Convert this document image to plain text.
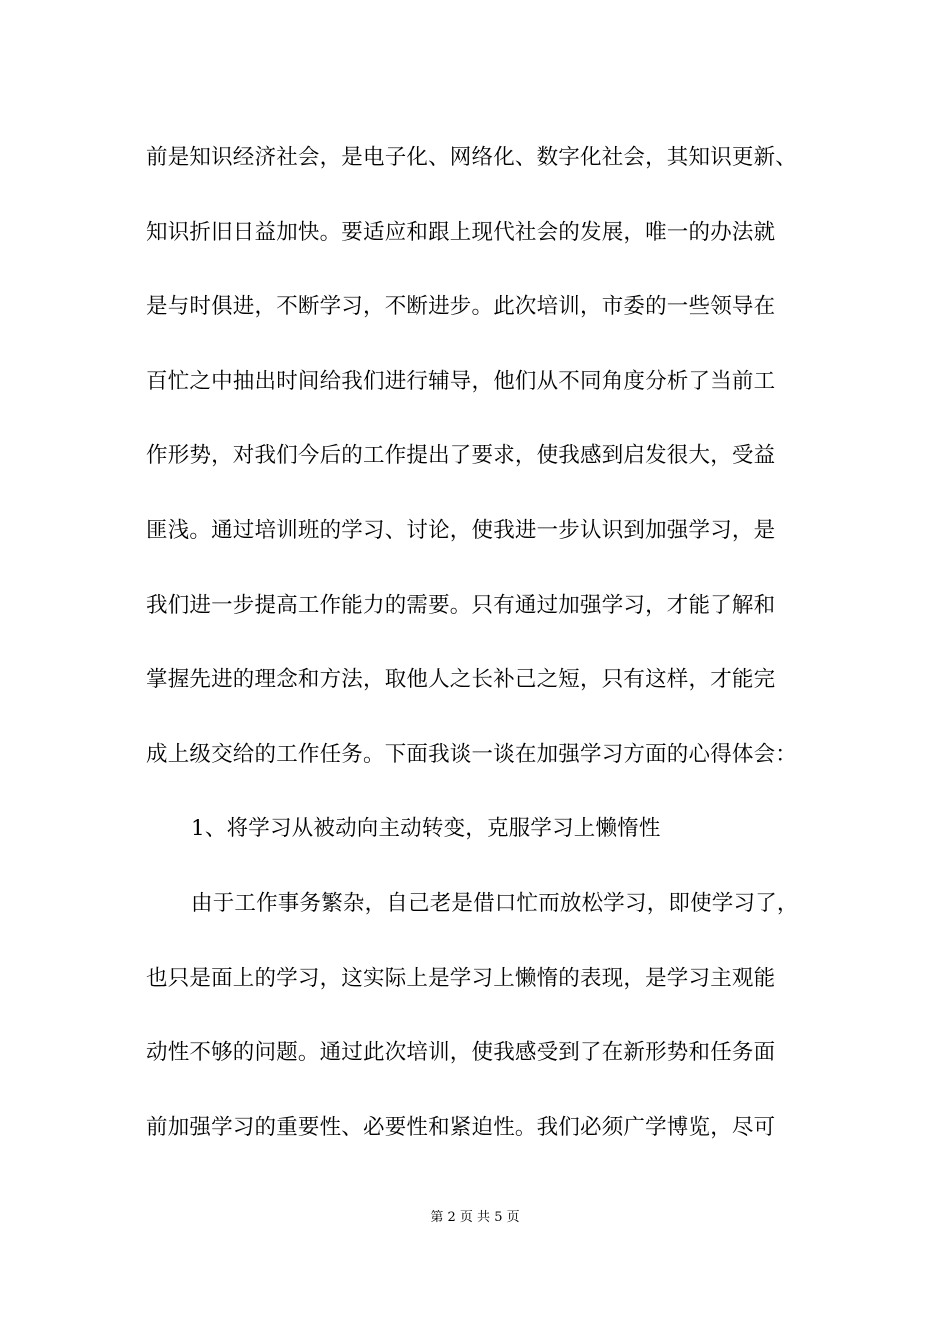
前是知识经济社会，是电子化、网络化、数字化社会，其知识更新、
知识折旧日益加快。要适应和跟上现代社会的发展，唯一的办法就
是与时俱进，不断学习，不断进步。此次培训，市委的一些领导在
百忙之中抽出时间给我们进行辅导，他们从不同角度分析了当前工
作形势，对我们今后的工作提出了要求，使我感到启发很大，受益
匪浅。通过培训班的学习、讨论，使我进一步认识到加强学习，是
我们进一步提高工作能力的需要。只有通过加强学习，才能了解和
掌握先进的理念和方法，取他人之长补己之短，只有这样，才能完
成上级交给的工作任务。下面我谈一谈在加强学习方面的心得体会：
1、将学习从被动向主动转变，克服学习上懒惰性
由于工作事务繁杂，自己老是借口忙而放松学习，即使学习了，
也只是面上的学习，这实际上是学习上懒惰的表现，是学习主观能
动性不够的问题。通过此次培训，使我感受到了在新形势和任务面
前加强学习的重要性、必要性和紧迫性。我们必须广学博览，尽可
第 2 页 共 5 页
